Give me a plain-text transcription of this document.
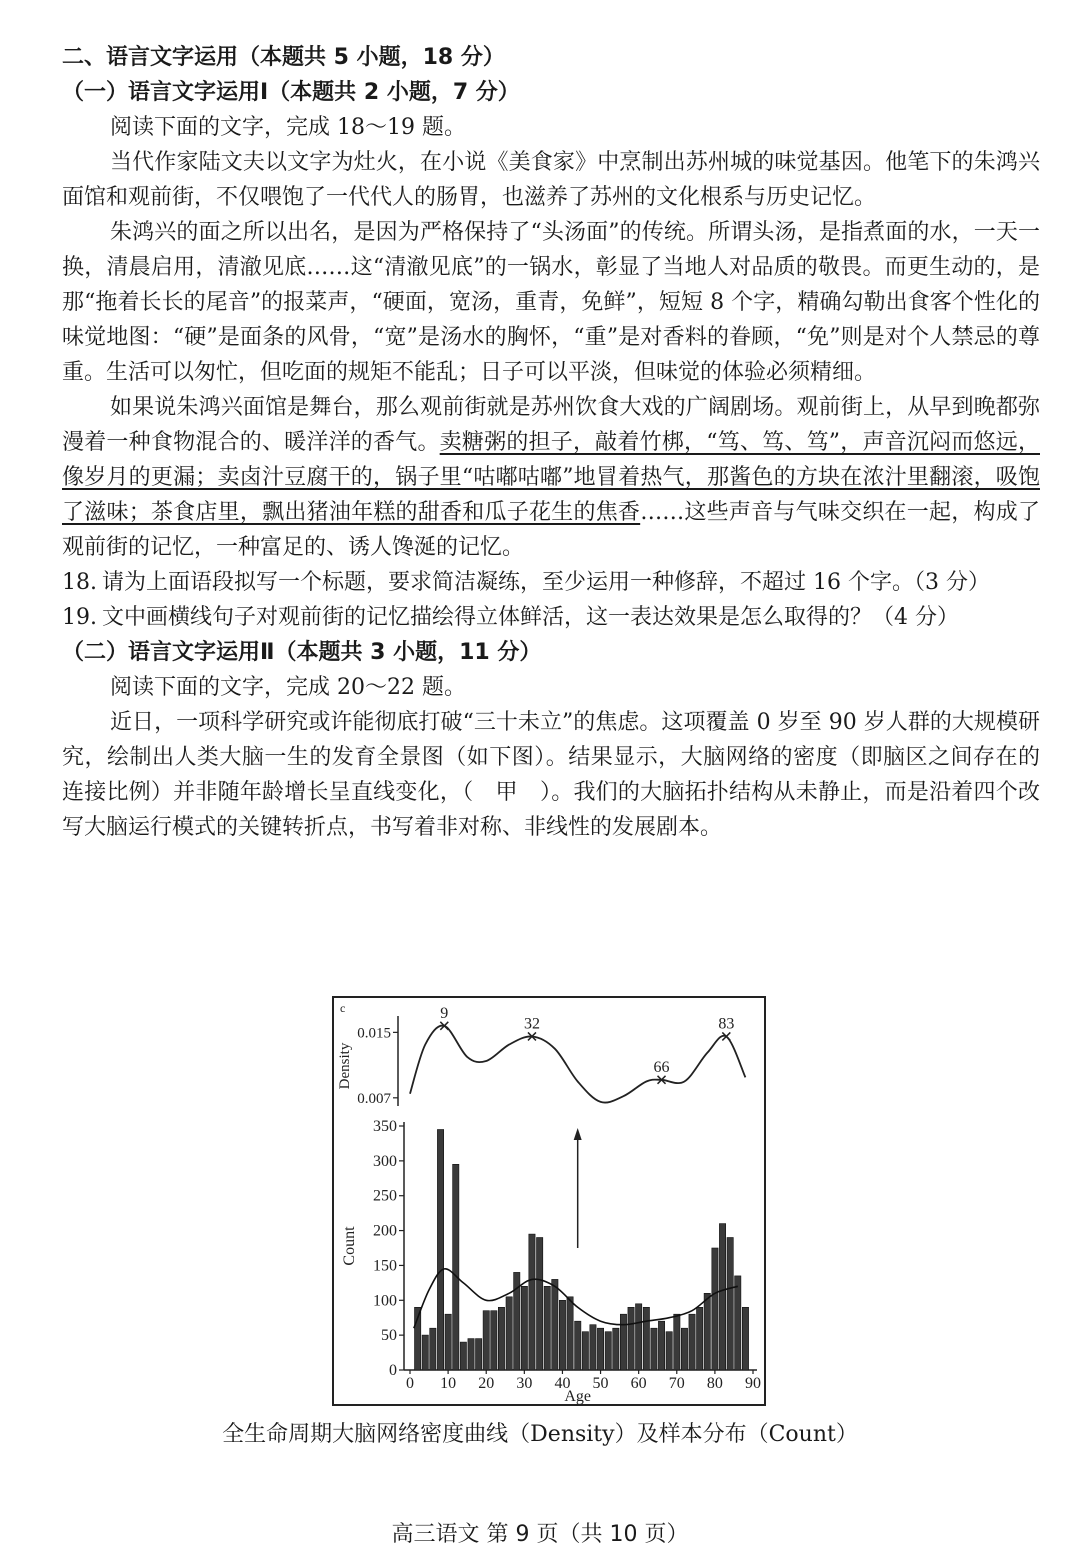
二、语言文字运用（本题共 5 小题，18 分）
（一）语言文字运用Ⅰ（本题共 2 小题，7 分）
阅读下面的文字，完成 18～19 题。

当代作家陆文夫以文字为灶火，在小说《美食家》中烹制出苏州城的味觉基因。他笔下的朱鸿兴面馆和观前街，不仅喂饱了一代代人的肠胃，也滋养了苏州的文化根系与历史记忆。

朱鸿兴的面之所以出名，是因为严格保持了“头汤面”的传统。所谓头汤，是指煮面的水，一天一换，清晨启用，清澈见底……这“清澈见底”的一锅水，彰显了当地人对品质的敬畏。而更生动的，是那“拖着长长的尾音”的报菜声，“硬面，宽汤，重青，免鲜”，短短 8 个字，精确勾勒出食客个性化的味觉地图：“硬”是面条的风骨，“宽”是汤水的胸怀，“重”是对香料的眷顾，“免”则是对个人禁忌的尊重。生活可以匆忙，但吃面的规矩不能乱；日子可以平淡，但味觉的体验必须精细。

如果说朱鸿兴面馆是舞台，那么观前街就是苏州饮食大戏的广阔剧场。观前街上，从早到晚都弥漫着一种食物混合的、暖洋洋的香气。卖糖粥的担子，敲着竹梆，“笃、笃、笃”，声音沉闷而悠远，像岁月的更漏；卖卤汁豆腐干的，锅子里“咕嘟咕嘟”地冒着热气，那酱色的方块在浓汁里翻滚，吸饱了滋味；茶食店里，飘出猪油年糕的甜香和瓜子花生的焦香……这些声音与气味交织在一起，构成了观前街的记忆，一种富足的、诱人馋涎的记忆。

18. 请为上面语段拟写一个标题，要求简洁凝练，至少运用一种修辞，不超过 16 个字。（3 分）
19. 文中画横线句子对观前街的记忆描绘得立体鲜活，这一表达效果是怎么取得的？（4 分）
（二）语言文字运用Ⅱ（本题共 3 小题，11 分）
阅读下面的文字，完成 20～22 题。

近日，一项科学研究或许能彻底打破“三十未立”的焦虑。这项覆盖 0 岁至 90 岁人群的大规模研究，绘制出人类大脑一生的发育全景图（如下图）。结果显示，大脑网络的密度（即脑区之间存在的连接比例）并非随年龄增长呈直线变化，（　甲　）。我们的大脑拓扑结构从未静止，而是沿着四个改写大脑运行模式的关键转折点，书写着非对称、非线性的发展剧本。

c
0.015
0.007
Density
9
32
66
83
350
300
250
200
150
100
50
0
0 10 20 30 40 50 60 70 80 90
Count
Age
全生命周期大脑网络密度曲线（Density）及样本分布（Count）
高三语文 第 9 页（共 10 页）
